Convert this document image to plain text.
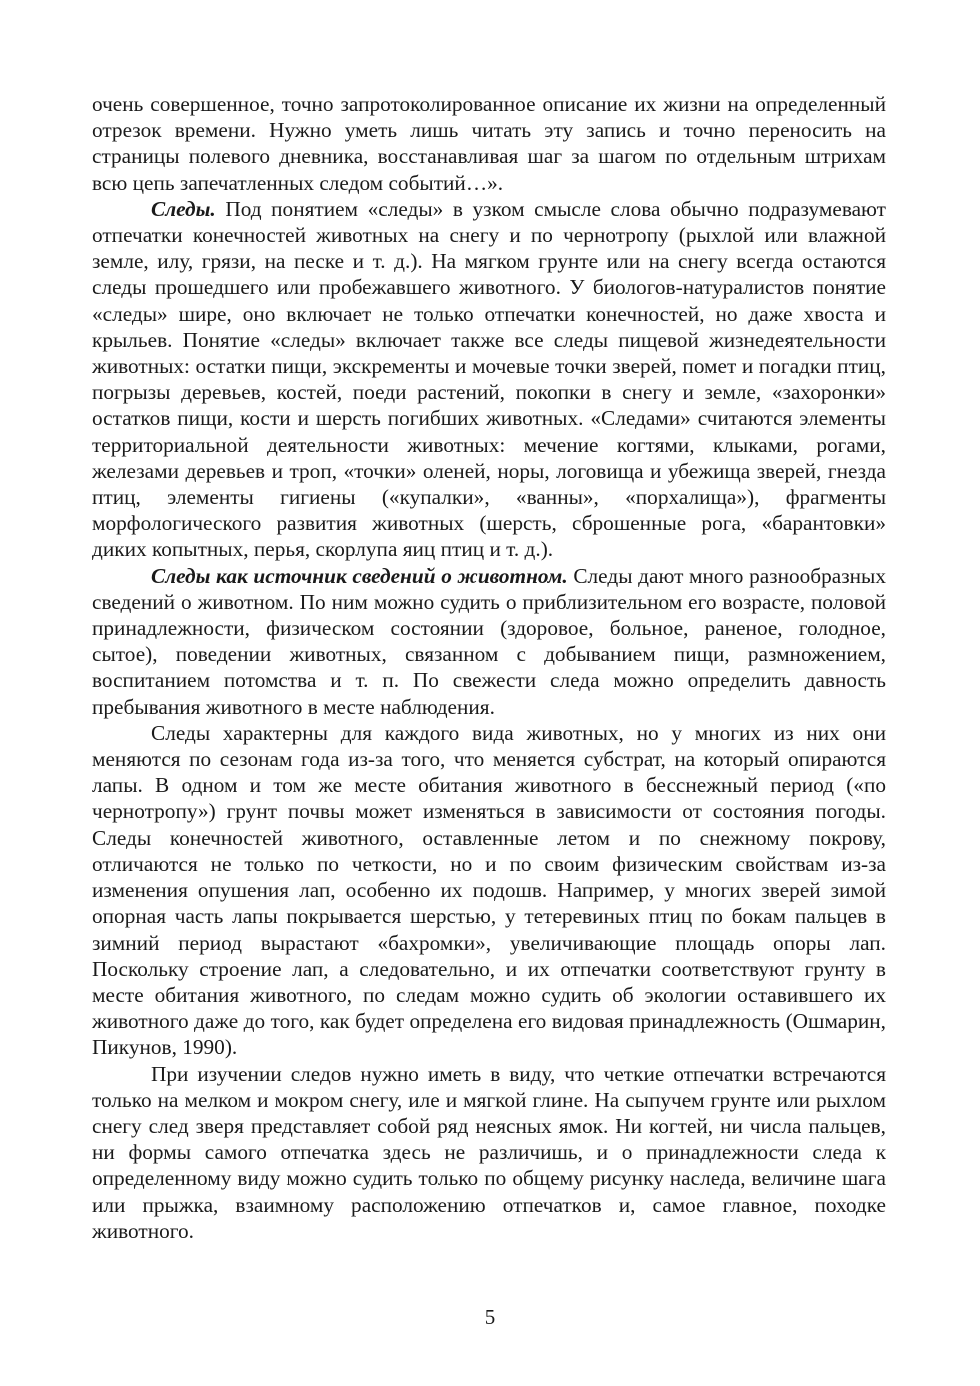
очень совершенное, точно запротоколированное описание их жизни на определенный отрезок времени. Нужно уметь лишь читать эту запись и точно переносить на страницы полевого дневника, восстанавливая шаг за шагом по отдельным штрихам всю цепь запечатленных следом событий…».

Следы. Под понятием «следы» в узком смысле слова обычно подразумевают отпечатки конечностей животных на снегу и по чернотропу (рыхлой или влажной земле, илу, грязи, на песке и т. д.). На мягком грунте или на снегу всегда остаются следы прошедшего или пробежавшего животного. У биологов-натуралистов понятие «следы» шире, оно включает не только отпечатки конечностей, но даже хвоста и крыльев. Понятие «следы» включает также все следы пищевой жизнедеятельности животных: остатки пищи, экскременты и мочевые точки зверей, помет и погадки птиц, погрызы деревьев, костей, поеди растений, покопки в снегу и земле, «захоронки» остатков пищи, кости и шерсть погибших животных. «Следами» считаются элементы территориальной деятельности животных: мечение когтями, клыками, рогами, железами деревьев и троп, «точки» оленей, норы, логовища и убежища зверей, гнезда птиц, элементы гигиены («купалки», «ванны», «порхалища»), фрагменты морфологического развития животных (шерсть, сброшенные рога, «барантовки» диких копытных, перья, скорлупа яиц птиц и т. д.).

Следы как источник сведений о животном. Следы дают много разнообразных сведений о животном. По ним можно судить о приблизительном его возрасте, половой принадлежности, физическом состоянии (здоровое, больное, раненое, голодное, сытое), поведении животных, связанном с добыванием пищи, размножением, воспитанием потомства и т. п. По свежести следа можно определить давность пребывания животного в месте наблюдения.

Следы характерны для каждого вида животных, но у многих из них они меняются по сезонам года из-за того, что меняется субстрат, на который опираются лапы. В одном и том же месте обитания животного в бесснежный период («по чернотропу») грунт почвы может изменяться в зависимости от состояния погоды. Следы конечностей животного, оставленные летом и по снежному покрову, отличаются не только по четкости, но и по своим физическим свойствам из-за изменения опушения лап, особенно их подошв. Например, у многих зверей зимой опорная часть лапы покрывается шерстью, у тетеревиных птиц по бокам пальцев в зимний период вырастают «бахромки», увеличивающие площадь опоры лап. Поскольку строение лап, а следовательно, и их отпечатки соответствуют грунту в месте обитания животного, по следам можно судить об экологии оставившего их животного даже до того, как будет определена его видовая принадлежность (Ошмарин, Пикунов, 1990).

При изучении следов нужно иметь в виду, что четкие отпечатки встречаются только на мелком и мокром снегу, иле и мягкой глине. На сыпучем грунте или рыхлом снегу след зверя представляет собой ряд неясных ямок. Ни когтей, ни числа пальцев, ни формы самого отпечатка здесь не различишь, и о принадлежности следа к определенному виду можно судить только по общему рисунку наследа, величине шага или прыжка, взаимному расположению отпечатков и, самое главное, походке животного.

5
